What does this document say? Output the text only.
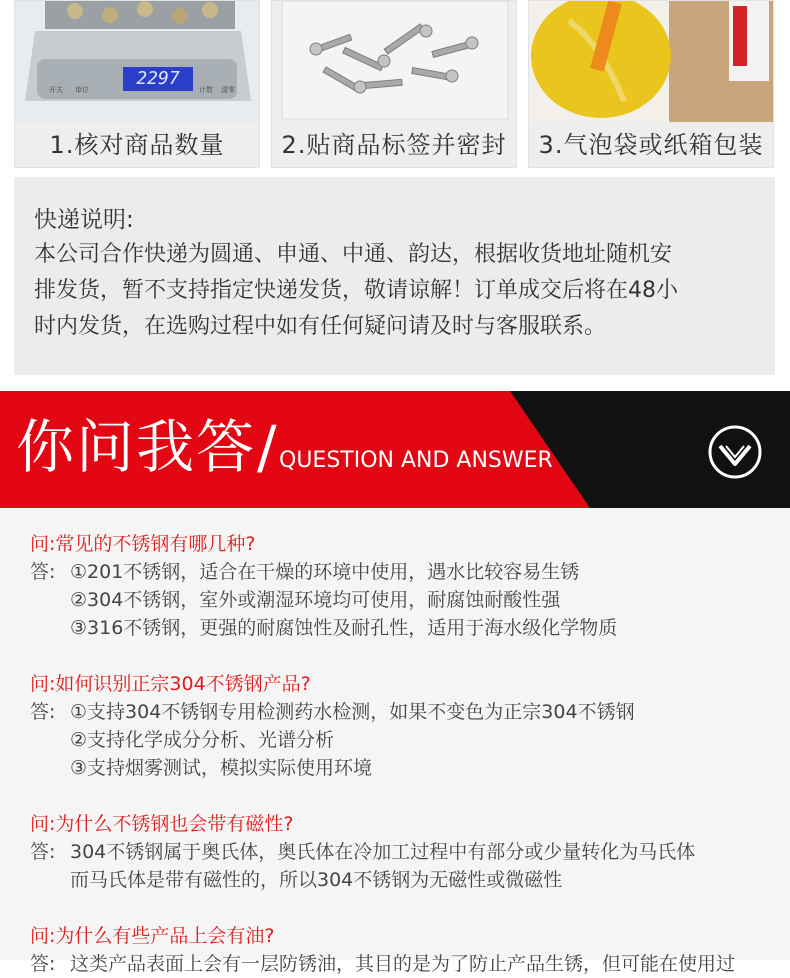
2297
开关 单位	计数 清零
1.核对商品数量	2.贴商品标签并密封	3.气泡袋或纸箱包装
快递说明:
本公司合作快递为圆通、申通、中通、韵达，根据收货地址随机安
排发货，暂不支持指定快递发货，敬请谅解！订单成交后将在48小
时内发货，在选购过程中如有任何疑问请及时与客服联系。
你问我答 / QUESTION AND ANSWER
问:常见的不锈钢有哪几种?
答: ①201不锈钢，适合在干燥的环境中使用，遇水比较容易生锈
②304不锈钢，室外或潮湿环境均可使用，耐腐蚀耐酸性强
③316不锈钢，更强的耐腐蚀性及耐孔性，适用于海水级化学物质
问:如何识别正宗304不锈钢产品?
答: ①支持304不锈钢专用检测药水检测，如果不变色为正宗304不锈钢
②支持化学成分分析、光谱分析
③支持烟雾测试，模拟实际使用环境
问:为什么不锈钢也会带有磁性?
答: 304不锈钢属于奥氏体，奥氏体在冷加工过程中有部分或少量转化为马氏体
而马氏体是带有磁性的，所以304不锈钢为无磁性或微磁性
问:为什么有些产品上会有油?
答: 这类产品表面上会有一层防锈油，其目的是为了防止产品生锈，但可能在使用过
